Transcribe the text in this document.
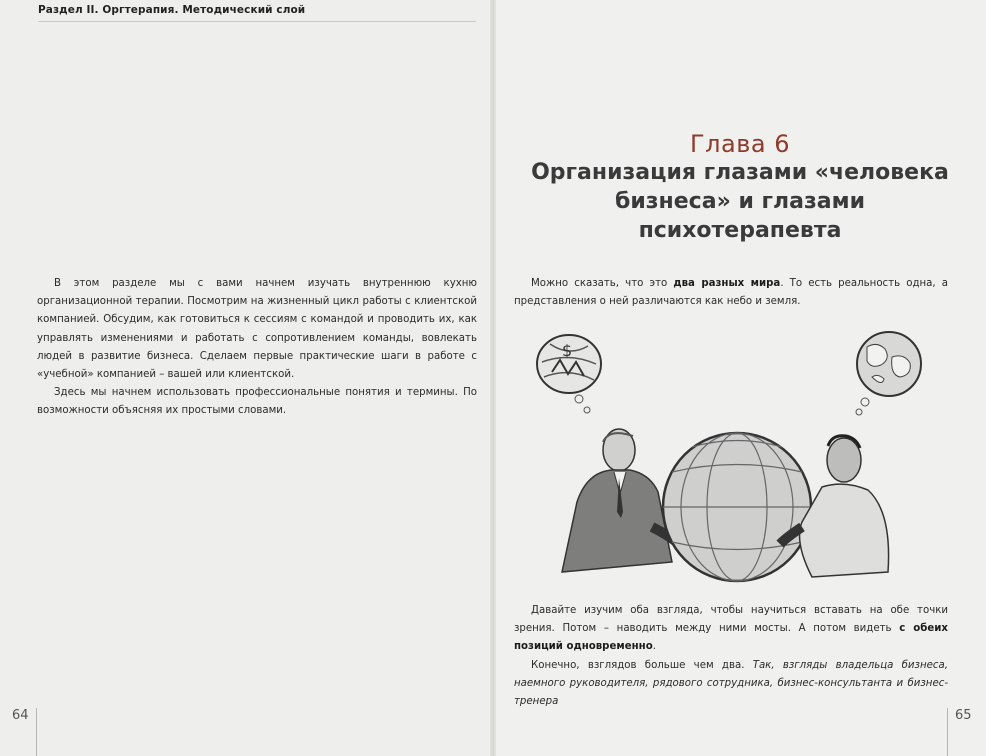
Раздел II. Оргтерапия. Методический слой

В этом разделе мы с вами начнем изучать внутреннюю кухню организационной терапии. Посмотрим на жизненный цикл работы с клиентской компанией. Обсудим, как готовиться к сессиям с командой и проводить их, как управлять изменениями и работать с сопротивлением команды, вовлекать людей в развитие бизнеса. Сделаем первые практические шаги в работе с «учебной» компанией – вашей или клиентской.

Здесь мы начнем использовать профессиональные понятия и термины. По возможности объясняя их простыми словами.

64
Глава 6
Организация глазами «человека бизнеса» и глазами психотерапевта

Можно сказать, что это два разных мира. То есть реальность одна, а представления о ней различаются как небо и земля.

$

Давайте изучим оба взгляда, чтобы научиться вставать на обе точки зрения. Потом – наводить между ними мосты. А потом видеть с обеих позиций одновременно.

Конечно, взглядов больше чем два. Так, взгляды владельца бизнеса, наемного руководителя, рядового сотрудника, бизнес-консультанта и бизнес-тренера

65
